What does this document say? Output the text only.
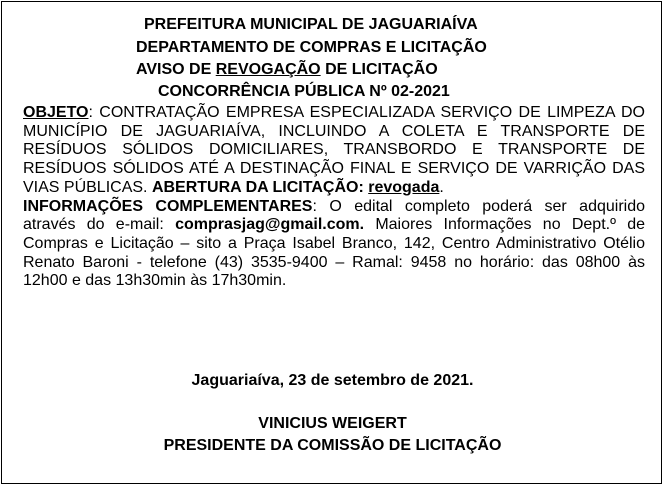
PREFEITURA MUNICIPAL DE JAGUARIAÍVA
DEPARTAMENTO DE COMPRAS E LICITAÇÃO
AVISO DE REVOGAÇÃO DE LICITAÇÃO
CONCORRÊNCIA PÚBLICA Nº 02-2021

OBJETO: CONTRATAÇÃO EMPRESA ESPECIALIZADA SERVIÇO DE LIMPEZA DO MUNICÍPIO DE JAGUARIAÍVA, INCLUINDO A COLETA E TRANSPORTE DE RESÍDUOS SÓLIDOS DOMICILIARES, TRANSBORDO E TRANSPORTE DE RESÍDUOS SÓLIDOS ATÉ A DESTINAÇÃO FINAL E SERVIÇO DE VARRIÇÃO DAS VIAS PÚBLICAS. ABERTURA DA LICITAÇÃO: revogada.

INFORMAÇÕES COMPLEMENTARES: O edital completo poderá ser adquirido através do e-mail: comprasjag@gmail.com. Maiores Informações no Dept.º de Compras e Licitação – sito a Praça Isabel Branco, 142, Centro Administrativo Otélio Renato Baroni - telefone (43) 3535-9400 – Ramal: 9458 no horário: das 08h00 às 12h00 e das 13h30min às 17h30min.

Jaguariaíva, 23 de setembro de 2021.
VINICIUS WEIGERT
PRESIDENTE DA COMISSÃO DE LICITAÇÃO
